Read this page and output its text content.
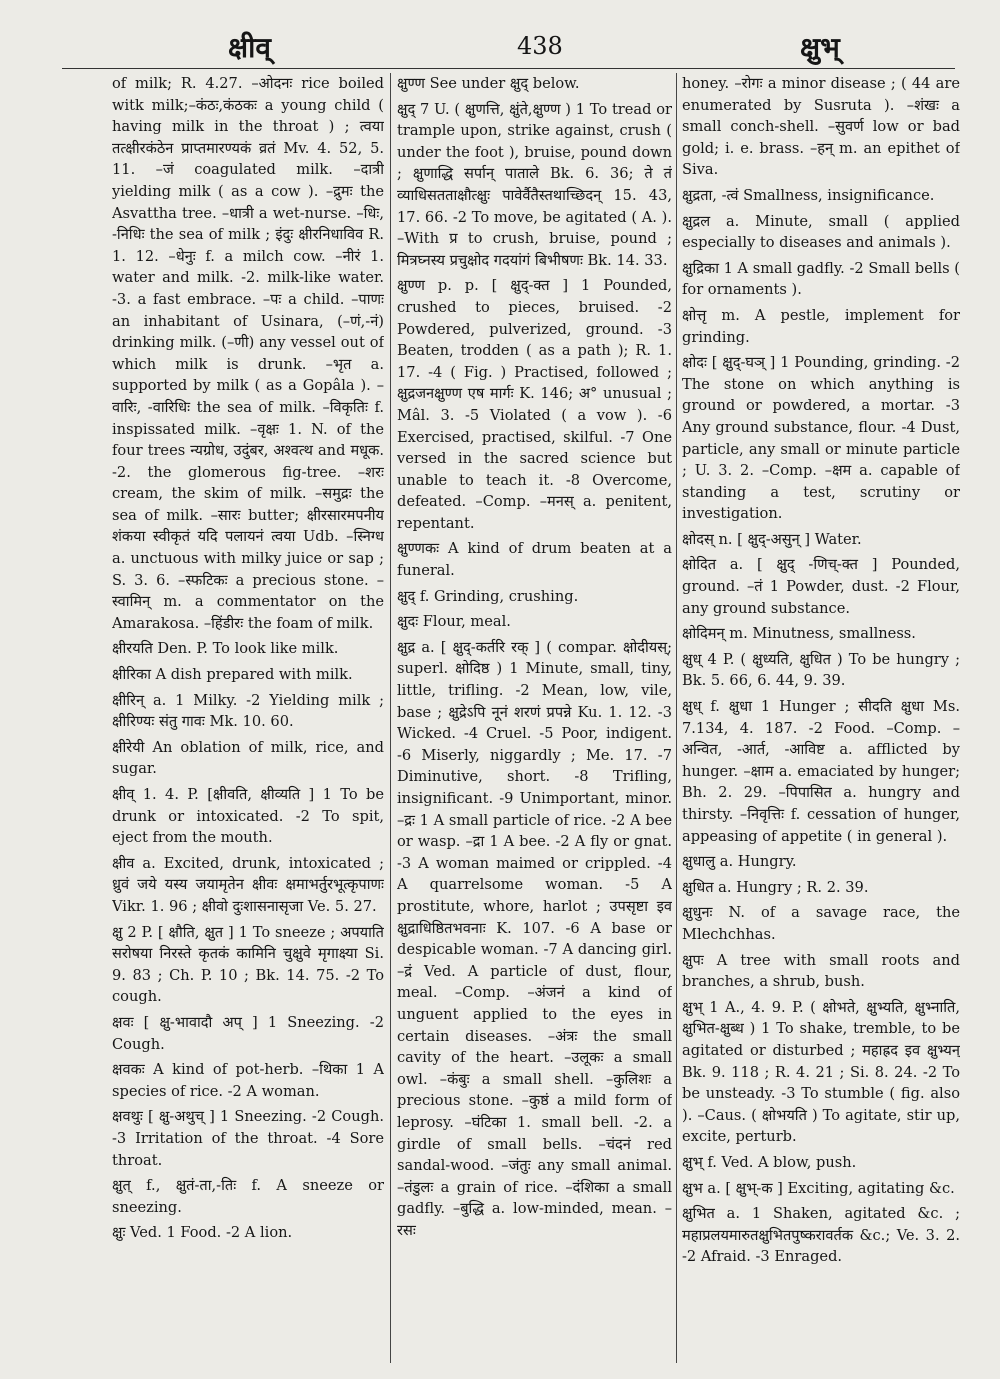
क्षीव्	438	क्षुभ्

of milk; R. 4.27. –ओदनः rice boiled witk milk;–कंठः,कंठकः a young child ( having milk in the throat ) ; त्वया तत्क्षीरकंठेन प्राप्तमारण्यकं व्रतं Mv. 4. 52, 5. 11. –जं coagulated milk. –दात्री yielding milk ( as a cow ). –द्रुमः the Asvattha tree. –धात्री a wet-nurse. –धिः, -निधिः the sea of milk ; इंदुः क्षीरनिधाविव R. 1. 12. –धेनुः f. a milch cow. –नीरं 1. water and milk. -2. milk-like water. -3. a fast embrace. –पः a child. –पाणः an inhabitant of Usinara, (–णं,-नं) drinking milk. (–णी) any vessel out of which milk is drunk. –भृत a. supported by milk ( as a Gopâla ). –वारिः, -वारिधिः the sea of milk. –विकृतिः f. inspissated milk. –वृक्षः 1. N. of the four trees न्यग्रोध, उदुंबर, अश्वत्थ and मधूक. -2. the glomerous fig-tree. –शरः cream, the skim of milk. –समुद्रः the sea of milk. –सारः butter; क्षीरसारमपनीय शंकया स्वीकृतं यदि पलायनं त्वया Udb. –स्निग्ध a. unctuous with milky juice or sap ; S. 3. 6. –स्फटिकः a precious stone. –स्वामिन् m. a commentator on the Amarakosa. –हिंडीरः the foam of milk.

क्षीरयति Den. P. To look like milk.

क्षीरिका A dish prepared with milk.

क्षीरिन् a. 1 Milky. -2 Yielding milk ; क्षीरिण्यः संतु गावः Mk. 10. 60.

क्षीरेयी An oblation of milk, rice, and sugar.

क्षीव् 1. 4. P. [क्षीवति, क्षीव्यति ] 1 To be drunk or intoxicated. -2 To spit, eject from the mouth.

क्षीव a. Excited, drunk, intoxicated ; ध्रुवं जये यस्य जयामृतेन क्षीवः क्षमाभर्तुरभूत्कृपाणः Vikr. 1. 96 ; क्षीवो दुःशासनासृजा Ve. 5. 27.

क्षु 2 P. [ क्षौति, क्षुत ] 1 To sneeze ; अपयाति सरोषया निरस्ते कृतकं कामिनि चुक्षुवे मृगाक्ष्या Si. 9. 83 ; Ch. P. 10 ; Bk. 14. 75. -2 To cough.

क्षवः [ क्षु-भावादौ अप् ] 1 Sneezing. -2 Cough.

क्षवकः A kind of pot-herb. –थिका 1 A species of rice. -2 A woman.

क्षवथुः [ क्षु-अथुच् ] 1 Sneezing. -2 Cough. -3 Irritation of the throat. -4 Sore throat.

क्षुत् f., क्षुतं-ता,-तिः f. A sneeze or sneezing.

क्षुः Ved. 1 Food. -2 A lion.

क्षुण्ण See under क्षुद् below.

क्षुद् 7 U. ( क्षुणत्ति, क्षुंते,क्षुण्ण ) 1 To tread or trample upon, strike against, crush ( under the foot ), bruise, pound down ; क्षुणाद्धि सर्पान् पाताले Bk. 6. 36; ते तं व्याधिसतताक्षौत्क्षुः पावेर्वैतैस्तथाच्छिदन् 15. 43, 17. 66. -2 To move, be agitated ( A. ). –With प्र to crush, bruise, pound ; मित्रघ्नस्य प्रचुक्षोद गदयांगं बिभीषणः Bk. 14. 33.

क्षुण्ण p. p. [ क्षुद्-क्त ] 1 Pounded, crushed to pieces, bruised. -2 Powdered, pulverized, ground. -3 Beaten, trodden ( as a path ); R. 1. 17. -4 ( Fig. ) Practised, followed ; क्षुद्रजनक्षुण्ण एष मार्गः K. 146; अ° unusual ; Mâl. 3. -5 Violated ( a vow ). -6 Exercised, practised, skilful. -7 One versed in the sacred science but unable to teach it. -8 Overcome, defeated. –Comp. –मनस् a. penitent, repentant.

क्षुण्णकः A kind of drum beaten at a funeral.

क्षुद् f. Grinding, crushing.

क्षुदः Flour, meal.

क्षुद्र a. [ क्षुद्-कर्तरि रक् ] ( compar. क्षोदीयस्; superl. क्षोदिष्ठ ) 1 Minute, small, tiny, little, trifling. -2 Mean, low, vile, base ; क्षुद्रेऽपि नूनं शरणं प्रपन्ने Ku. 1. 12. -3 Wicked. -4 Cruel. -5 Poor, indigent. -6 Miserly, niggardly ; Me. 17. -7 Diminutive, short. -8 Trifling, insignificant. -9 Unimportant, minor. –द्रः 1 A small particle of rice. -2 A bee or wasp. –द्रा 1 A bee. -2 A fly or gnat. -3 A woman maimed or crippled. -4 A quarrelsome woman. -5 A prostitute, whore, harlot ; उपसृष्टा इव क्षुद्राधिष्ठितभवनाः K. 107. -6 A base or despicable woman. -7 A dancing girl. –द्रं Ved. A particle of dust, flour, meal. –Comp. –अंजनं a kind of unguent applied to the eyes in certain diseases. –अंत्रः the small cavity of the heart. –उलूकः a small owl. –कंबुः a small shell. –कुलिशः a precious stone. –कुष्ठं a mild form of leprosy. –घंटिका 1. small bell. -2. a girdle of small bells. –चंदनं red sandal-wood. –जंतुः any small animal. –तंडुलः a grain of rice. –दंशिका a small gadfly. –बुद्धि a. low-minded, mean. –रसः

honey. –रोगः a minor disease ; ( 44 are enumerated by Susruta ). –शंखः a small conch-shell. –सुवर्ण low or bad gold; i. e. brass. –हन् m. an epithet of Siva.

क्षुद्रता, -त्वं Smallness, insignificance.

क्षुद्रल a. Minute, small ( applied especially to diseases and animals ).

क्षुद्रिका 1 A small gadfly. -2 Small bells ( for ornaments ).

क्षोत्तृ m. A pestle, implement for grinding.

क्षोदः [ क्षुद्-घञ् ] 1 Pounding, grinding. -2 The stone on which anything is ground or powdered, a mortar. -3 Any ground substance, flour. -4 Dust, particle, any small or minute particle ; U. 3. 2. –Comp. –क्षम a. capable of standing a test, scrutiny or investigation.

क्षोदस् n. [ क्षुद्-असुन् ] Water.

क्षोदित a. [ क्षुद् -णिच्-क्त ] Pounded, ground. –तं 1 Powder, dust. -2 Flour, any ground substance.

क्षोदिमन् m. Minutness, smallness.

क्षुध् 4 P. ( क्षुध्यति, क्षुधित ) To be hungry ; Bk. 5. 66, 6. 44, 9. 39.

क्षुध् f. क्षुधा 1 Hunger ; सीदति क्षुधा Ms. 7.134, 4. 187. -2 Food. –Comp. –अन्वित, -आर्त, -आविष्ट a. afflicted by hunger. –क्षाम a. emaciated by hunger; Bh. 2. 29. –पिपासित a. hungry and thirsty. –निवृत्तिः f. cessation of hunger, appeasing of appetite ( in general ).

क्षुधालु a. Hungry.

क्षुधित a. Hungry ; R. 2. 39.

क्षुधुनः N. of a savage race, the Mlechchhas.

क्षुपः A tree with small roots and branches, a shrub, bush.

क्षुभ् 1 A., 4. 9. P. ( क्षोभते, क्षुभ्यति, क्षुभ्नाति, क्षुभित-क्षुब्ध ) 1 To shake, tremble, to be agitated or disturbed ; महाह्रद इव क्षुभ्यन् Bk. 9. 118 ; R. 4. 21 ; Si. 8. 24. -2 To be unsteady. -3 To stumble ( fig. also ). –Caus. ( क्षोभयति ) To agitate, stir up, excite, perturb.

क्षुभ् f. Ved. A blow, push.

क्षुभ a. [ क्षुभ्-क ] Exciting, agitating &c.

क्षुभित a. 1 Shaken, agitated &c. ; महाप्रलयमारुतक्षुभितपुष्करावर्तक &c.; Ve. 3. 2. -2 Afraid. -3 Enraged.
